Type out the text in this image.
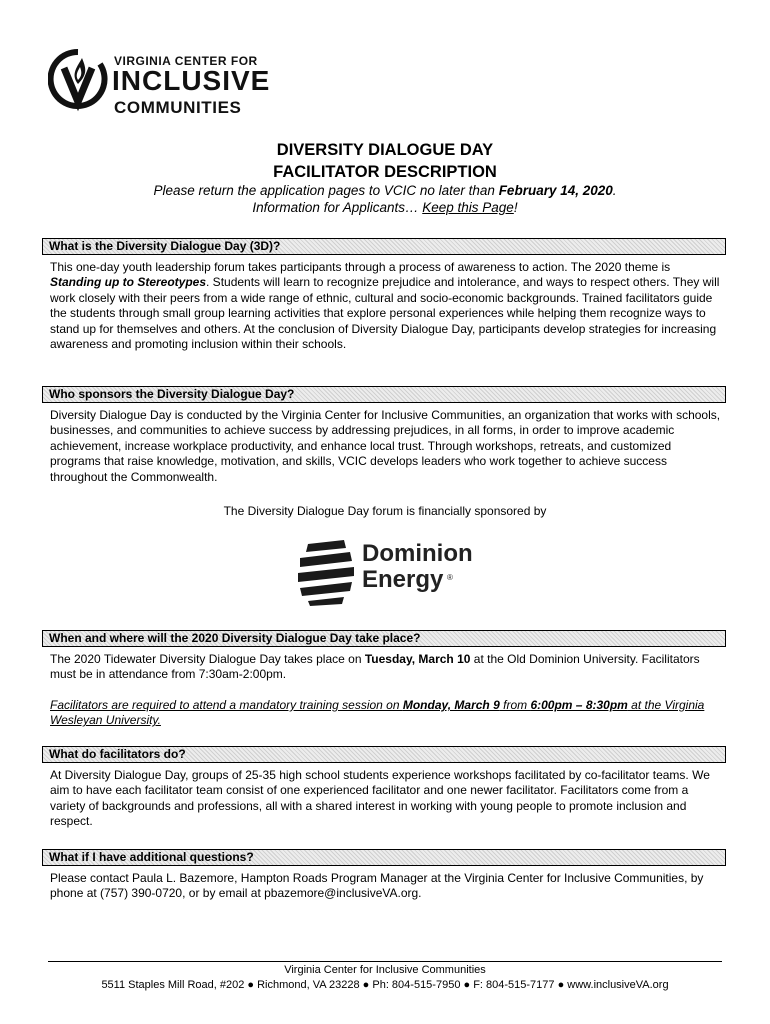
VIRGINIA CENTER FOR
INCLUSIVE
COMMUNITIES
DIVERSITY DIALOGUE DAY
FACILITATOR DESCRIPTION
Please return the application pages to VCIC no later than February 14, 2020.
Information for Applicants… Keep this Page!
What is the Diversity Dialogue Day (3D)?
This one-day youth leadership forum takes participants through a process of awareness to action. The 2020 theme is Standing up to Stereotypes. Students will learn to recognize prejudice and intolerance, and ways to respect others. They will work closely with their peers from a wide range of ethnic, cultural and socio-economic backgrounds. Trained facilitators guide the students through small group learning activities that explore personal experiences while helping them recognize ways to stand up for themselves and others. At the conclusion of Diversity Dialogue Day, participants develop strategies for increasing awareness and promoting inclusion within their schools.
Who sponsors the Diversity Dialogue Day?
Diversity Dialogue Day is conducted by the Virginia Center for Inclusive Communities, an organization that works with schools, businesses, and communities to achieve success by addressing prejudices, in all forms, in order to improve academic achievement, increase workplace productivity, and enhance local trust. Through workshops, retreats, and customized programs that raise knowledge, motivation, and skills, VCIC develops leaders who work together to achieve success throughout the Commonwealth.
The Diversity Dialogue Day forum is financially sponsored by
Dominion
Energy ®
When and where will the 2020 Diversity Dialogue Day take place?
The 2020 Tidewater Diversity Dialogue Day takes place on Tuesday, March 10 at the Old Dominion University. Facilitators must be in attendance from 7:30am-2:00pm.
Facilitators are required to attend a mandatory training session on Monday, March 9 from 6:00pm – 8:30pm at the Virginia Wesleyan University.
What do facilitators do?
At Diversity Dialogue Day, groups of 25-35 high school students experience workshops facilitated by co-facilitator teams. We aim to have each facilitator team consist of one experienced facilitator and one newer facilitator. Facilitators come from a variety of backgrounds and professions, all with a shared interest in working with young people to promote inclusion and respect.
What if I have additional questions?
Please contact Paula L. Bazemore, Hampton Roads Program Manager at the Virginia Center for Inclusive Communities, by phone at (757) 390-0720, or by email at pbazemore@inclusiveVA.org.
Virginia Center for Inclusive Communities
5511 Staples Mill Road, #202 ● Richmond, VA 23228 ● Ph: 804-515-7950 ● F: 804-515-7177 ● www.inclusiveVA.org
